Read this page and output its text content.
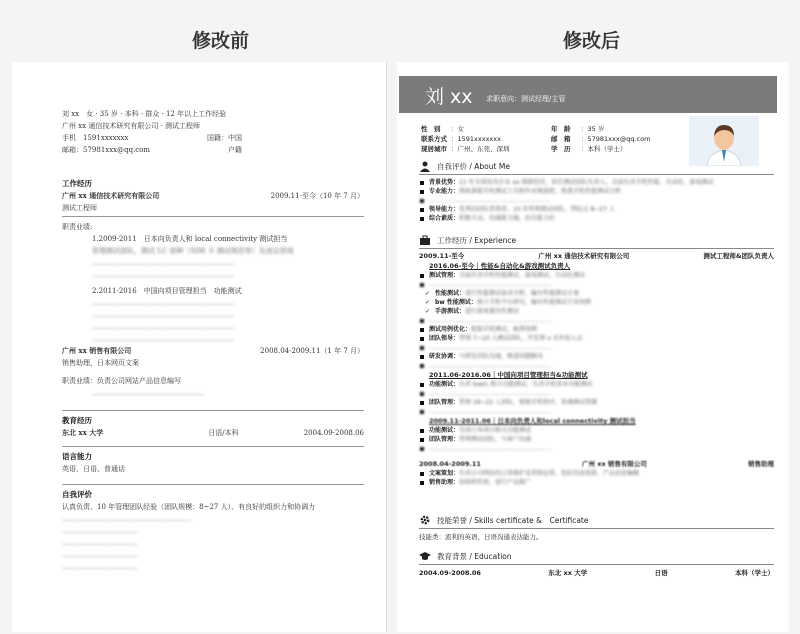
修改前	修改后
刘 xx　女 · 35 岁 · 本科 · 群众 · 12 年以上工作经验
广州 xx 通信技术研究有限公司 · 测试工程师
手机　 1591xxxxxxx	国籍：中国
邮箱：57981xxx@qq.com	户籍
工作经历
广州 xx 通信技术研究有限公司	2009.11-至今（10 年 7 月）
测试工程师
职责业绩:
1.2009-2011　日本向负责人和 local connectivity 测试担当
管理测试团队，测试 LC 部种（SIM 卡 测试规范等）及流运营商
................................................................
................................................................
2.2011-2016　中国向项目管理担当　功能测试
................................................................
................................................................
................................................................
................................................................
广州 xx 销售有限公司	2008.04-2009.11（1 年 7 月）
销售助理，日本网页文案
职责业绩：负责公司网站产品信息编写
..................................................
教育经历
东北 xx 大学	日语/本科	2004.09-2008.06
语言能力
英语、日语、普通话
自我评价
认真负责、10 年管理团队经验（团队规模：8~27 人），有良好的组织力和协调力
..........................................................
..................................
..................................
..................................
..................................
刘 xx 求职意向：测试经理/主管
性　别 ：女	年　龄 ：35 岁
联系方式 ：1591xxxxxxx	邮　箱 ：57981xxx@qq.com
现居城市 ：广州、东莞、深圳	学　历 ：本科（学士）
自我评价 / About Me
背景优势：11 年全球知名企业 xx 规职经历，担任测试团队负责人，全面负责手机性能、自动化、游戏测试
专业能力：熟练掌握手机测试工具和作业规流程，熟悉手机性能测试分析
................................................................
领导能力：优秀的团队管理者，10 年管理测试团队，带队过 8~27 人
综合素质：积极主动，沟通能力强，抗压能力好
工作经历 / Experience
2009.11-至今	广州 xx 通信技术研究有限公司	测试工程师&团队负责人
2016.06-至今｜性能&自动化&游戏测试负责人
测试管理：全面负责手机性能测试、游戏测试、自动化测试
................................................................
✓ 性能测试：进行性能测试需求分析、编写性能测试方案
✓ bw 性能测试：独立手机平台研究，编写性能测试专用用例
✓ 手游测试：进行游戏兼容性测试
................................................................
测试用例优化：根据手机测试，梳理用例
团队领导：带领 7~10 人测试团队，开发情 x 名外包人员
................................................................
研发协调：与研发团队沟通，推进问题解决
................................................................
2011.06-2016.06｜中国向项目管理担当&功能测试
功能测试：负责 basic 相关功能测试，负责手机基本功能测试
................................................................
团队管理：管理 16~22 人团队，根据手机程序，协调测试资源
................................................................
2009.11-2011.06｜日本向负责人和local connectivity 测试担当
功能测试：完成日本项目相关功能测试
团队管理：管理测试团队，与客户沟通
................................................................
2008.04-2009.11	广州 xx 销售有限公司	销售助理
文案策划：负责公司网站的日常维护及营销运营，包括页面更新、产品信息编辑
销售助理：协助销售部，进行产品推广
技能荣誉 / Skills certificate &　Certificate
技能类：流利的英语、日语沟通表达能力。
教育背景 / Education
2004.09-2008.06	东北 xx 大学	日语	本科（学士）
